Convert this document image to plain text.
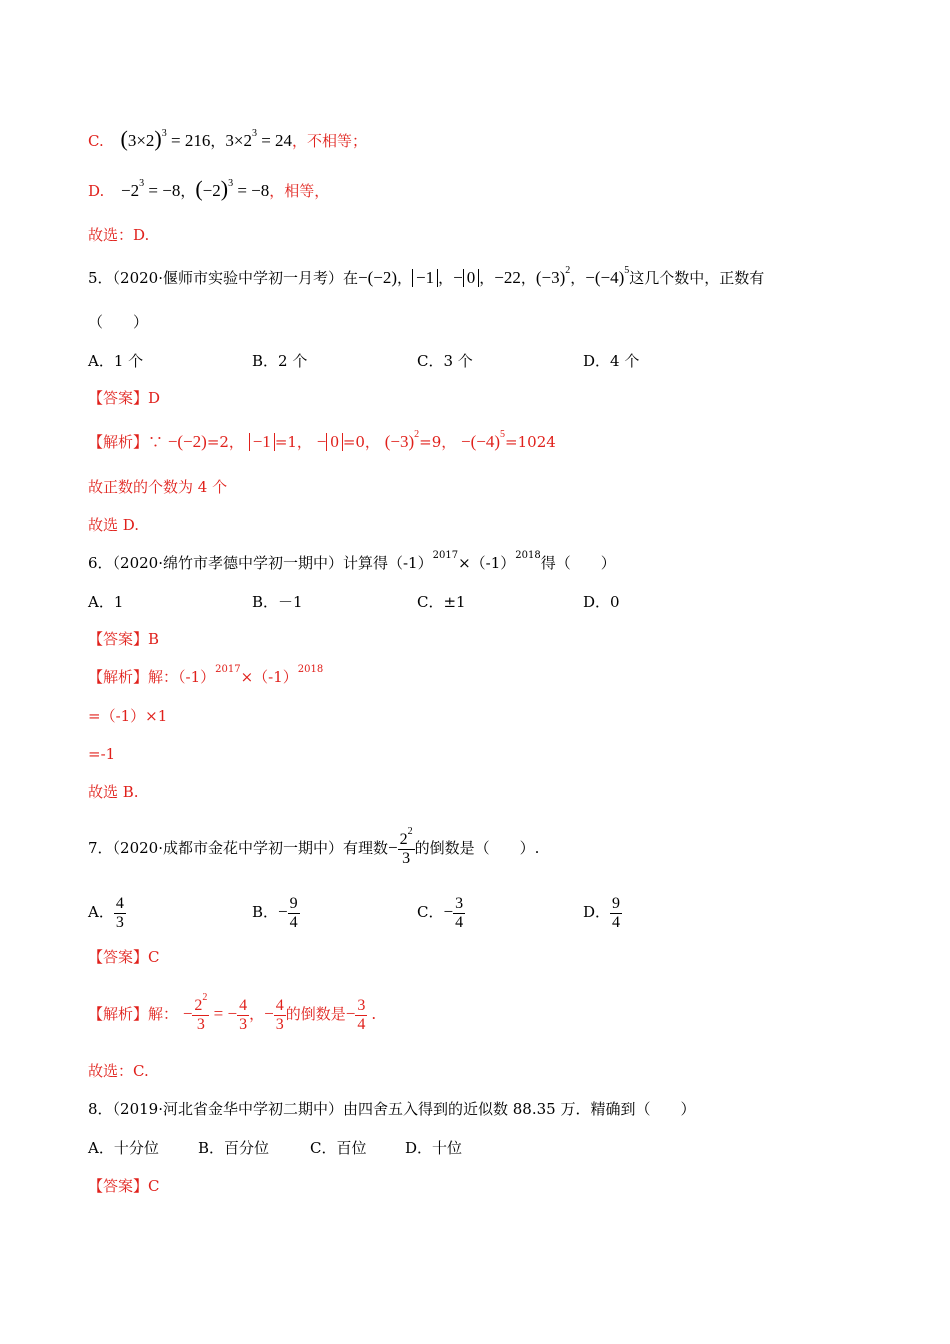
C. $(3\times 2)^3 = 216$，$3\times 2^3 = 24$，不相等；
D. $-2^3 = -8$，$(-2)^3 = -8$，相等，
故选：D.
5．（2020·偃师市实验中学初一月考）在−(−2)， −1 ，− 0 ，−22，$(-3)^2$，$-(-4)^5$这几个数中，正数有
（　　）
A．1 个	B．2 个	C．3 个	D．4 个
【答案】D
【解析】∵ −(−2)=2， −1 =1， − 0 =0， $(-3)^2=9$， $-(-4)^5=1024$
故正数的个数为 4 个
故选 D.
6．（2020·绵竹市孝德中学初一期中）计算得$(-1)^{2017}\times(-1)^{2018}$得（　　）
A．1	B．－1	C．±1	D．0
【答案】B
【解析】解：$(-1)^{2017}\times(-1)^{2018}$
=（-1）×1
=-1
故选 B.
7．（2020·成都市金花中学初一期中）有理数− $\frac{2^2}{3}$ 的倒数是（　　）.
A． $\frac{4}{3}$	B．− $\frac{9}{4}$	C．− $\frac{3}{4}$	D． $\frac{9}{4}$
【答案】C
【解析】解： − $\frac{2^2}{3}$ = − $\frac{4}{3}$ ，− $\frac{4}{3}$ 的倒数是− $\frac{3}{4}$ .
故选：C.
8．（2019·河北省金华中学初二期中）由四舍五入得到的近似数 88.35 万．精确到（　　）
A．十分位	B．百分位	C．百位	D．十位
【答案】C
